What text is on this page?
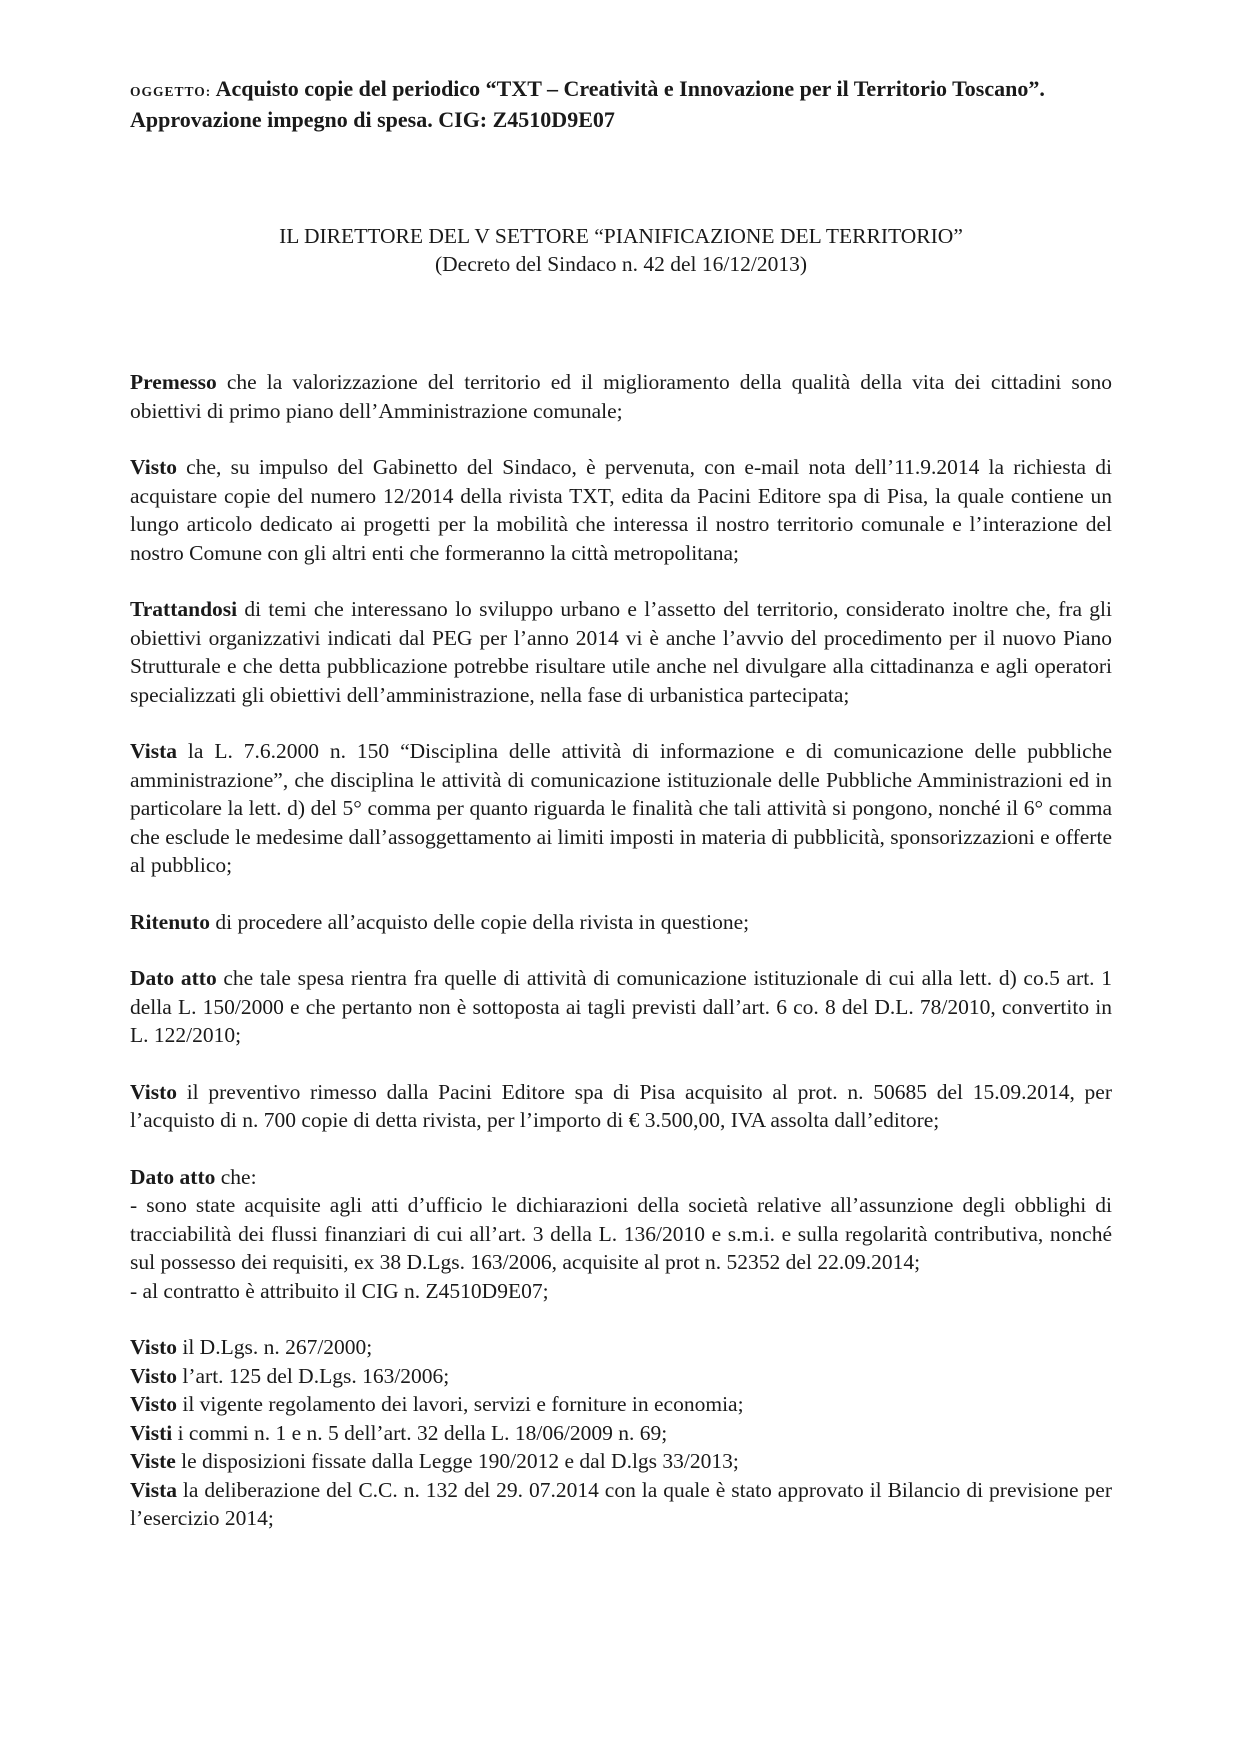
OGGETTO: Acquisto copie del periodico “TXT – Creatività e Innovazione per il Territorio Toscano”. Approvazione impegno di spesa. CIG: Z4510D9E07

IL DIRETTORE DEL V SETTORE “PIANIFICAZIONE DEL TERRITORIO”
(Decreto del Sindaco n. 42 del 16/12/2013)

Premesso che la valorizzazione del territorio ed il miglioramento della qualità della vita dei cittadini sono obiettivi di primo piano dell’Amministrazione comunale;

Visto che, su impulso del Gabinetto del Sindaco, è pervenuta, con e-mail nota dell’11.9.2014 la richiesta di acquistare copie del numero 12/2014 della rivista TXT, edita da Pacini Editore spa di Pisa, la quale contiene un lungo articolo dedicato ai progetti per la mobilità che interessa il nostro territorio comunale e l’interazione del nostro Comune con gli altri enti che formeranno la città metropolitana;

Trattandosi di temi che interessano lo sviluppo urbano e l’assetto del territorio, considerato inoltre che, fra gli obiettivi organizzativi indicati dal PEG per l’anno 2014 vi è anche l’avvio del procedimento per il nuovo Piano Strutturale e che detta pubblicazione potrebbe risultare utile anche nel divulgare alla cittadinanza e agli operatori specializzati gli obiettivi dell’amministrazione, nella fase di urbanistica partecipata;

Vista la L. 7.6.2000 n. 150 “Disciplina delle attività di informazione e di comunicazione delle pubbliche amministrazione”, che disciplina le attività di comunicazione istituzionale delle Pubbliche Amministrazioni ed in particolare la lett. d) del 5° comma per quanto riguarda le finalità che tali attività si pongono, nonché il 6° comma che esclude le medesime dall’assoggettamento ai limiti imposti in materia di pubblicità, sponsorizzazioni e offerte al pubblico;

Ritenuto di procedere all’acquisto delle copie della rivista in questione;

Dato atto che tale spesa rientra fra quelle di attività di comunicazione istituzionale di cui alla lett. d) co.5 art. 1 della L. 150/2000 e che pertanto non è sottoposta ai tagli previsti dall’art. 6 co. 8 del D.L. 78/2010, convertito in L. 122/2010;

Visto il preventivo rimesso dalla Pacini Editore spa di Pisa acquisito al prot. n. 50685 del 15.09.2014, per l’acquisto di n. 700 copie di detta rivista, per l’importo di € 3.500,00, IVA assolta dall’editore;

Dato atto che:

- sono state acquisite agli atti d’ufficio le dichiarazioni della società relative all’assunzione degli obblighi di tracciabilità dei flussi finanziari di cui all’art. 3 della L. 136/2010 e s.m.i. e sulla regolarità contributiva, nonché sul possesso dei requisiti, ex 38 D.Lgs. 163/2006, acquisite al prot n. 52352 del 22.09.2014;

- al contratto è attribuito il CIG n. Z4510D9E07;

Visto il D.Lgs. n. 267/2000;

Visto l’art. 125 del D.Lgs. 163/2006;

Visto il vigente regolamento dei lavori, servizi e forniture in economia;

Visti i commi n. 1 e n. 5 dell’art. 32 della L. 18/06/2009 n. 69;

Viste le disposizioni fissate dalla Legge 190/2012 e dal D.lgs 33/2013;

Vista la deliberazione del C.C. n. 132 del 29. 07.2014 con la quale è stato approvato il Bilancio di previsione per l’esercizio 2014;
